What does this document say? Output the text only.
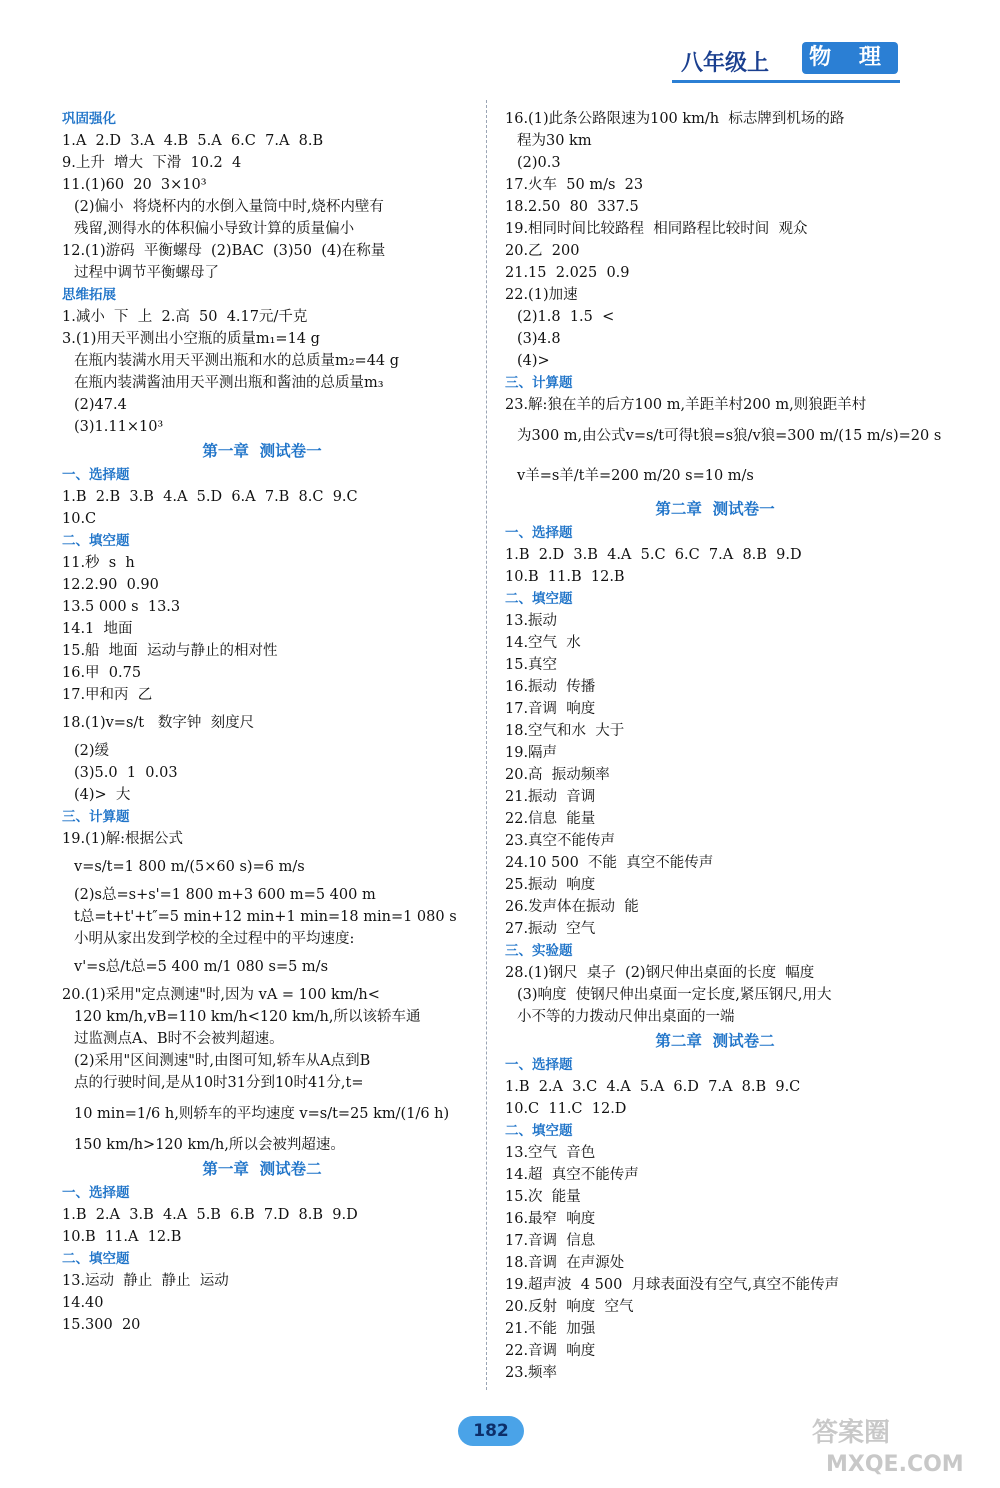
八年级上	物 理
巩固强化
1.A  2.D  3.A  4.B  5.A  6.C  7.A  8.B
9.上升  增大  下滑  10.2  4
11.(1)60  20  3×10³
(2)偏小  将烧杯内的水倒入量筒中时,烧杯内壁有
残留,测得水的体积偏小导致计算的质量偏小
12.(1)游码  平衡螺母  (2)BAC  (3)50  (4)在称量
过程中调节平衡螺母了
思维拓展
1.减小  下  上  2.高  50  4.17元/千克
3.(1)用天平测出小空瓶的质量m₁=14 g
在瓶内装满水用天平测出瓶和水的总质量m₂=44 g
在瓶内装满酱油用天平测出瓶和酱油的总质量m₃
(2)47.4
(3)1.11×10³
第一章  测试卷一
一、选择题
1.B  2.B  3.B  4.A  5.D  6.A  7.B  8.C  9.C
10.C
二、填空题
11.秒  s  h
12.2.90  0.90
13.5 000 s  13.3
14.1  地面
15.船  地面  运动与静止的相对性
16.甲  0.75
17.甲和丙  乙
18.(1)v=s/t   数字钟  刻度尺
(2)缓
(3)5.0  1  0.03
(4)>  大
三、计算题
19.(1)解:根据公式
v=s/t=1 800 m/(5×60 s)=6 m/s
(2)s总=s+s'=1 800 m+3 600 m=5 400 m
t总=t+t'+t″=5 min+12 min+1 min=18 min=1 080 s
小明从家出发到学校的全过程中的平均速度:
v'=s总/t总=5 400 m/1 080 s=5 m/s
20.(1)采用"定点测速"时,因为 vA = 100 km/h<
120 km/h,vB=110 km/h<120 km/h,所以该轿车通
过监测点A、B时不会被判超速。
(2)采用"区间测速"时,由图可知,轿车从A点到B
点的行驶时间,是从10时31分到10时41分,t=
10 min=1/6 h,则轿车的平均速度 v=s/t=25 km/(1/6 h)
150 km/h>120 km/h,所以会被判超速。
第一章  测试卷二
一、选择题
1.B  2.A  3.B  4.A  5.B  6.B  7.D  8.B  9.D
10.B  11.A  12.B
二、填空题
13.运动  静止  静止  运动
14.40
15.300  20
16.(1)此条公路限速为100 km/h  标志牌到机场的路
程为30 km
(2)0.3
17.火车  50 m/s  23
18.2.50  80  337.5
19.相同时间比较路程  相同路程比较时间  观众
20.乙  200
21.15  2.025  0.9
22.(1)加速
(2)1.8  1.5  <
(3)4.8
(4)>
三、计算题
23.解:狼在羊的后方100 m,羊距羊村200 m,则狼距羊村
为300 m,由公式v=s/t可得t狼=s狼/v狼=300 m/(15 m/s)=20 s
v羊=s羊/t羊=200 m/20 s=10 m/s
第二章  测试卷一
一、选择题
1.B  2.D  3.B  4.A  5.C  6.C  7.A  8.B  9.D
10.B  11.B  12.B
二、填空题
13.振动
14.空气  水
15.真空
16.振动  传播
17.音调  响度
18.空气和水  大于
19.隔声
20.高  振动频率
21.振动  音调
22.信息  能量
23.真空不能传声
24.10 500  不能  真空不能传声
25.振动  响度
26.发声体在振动  能
27.振动  空气
三、实验题
28.(1)钢尺  桌子  (2)钢尺伸出桌面的长度  幅度
(3)响度  使钢尺伸出桌面一定长度,紧压钢尺,用大
小不等的力拨动尺伸出桌面的一端
第二章  测试卷二
一、选择题
1.B  2.A  3.C  4.A  5.A  6.D  7.A  8.B  9.C
10.C  11.C  12.D
二、填空题
13.空气  音色
14.超  真空不能传声
15.次  能量
16.最窄  响度
17.音调  信息
18.音调  在声源处
19.超声波  4 500  月球表面没有空气,真空不能传声
20.反射  响度  空气
21.不能  加强
22.音调  响度
23.频率
182	答案圈
MXQE.COM
